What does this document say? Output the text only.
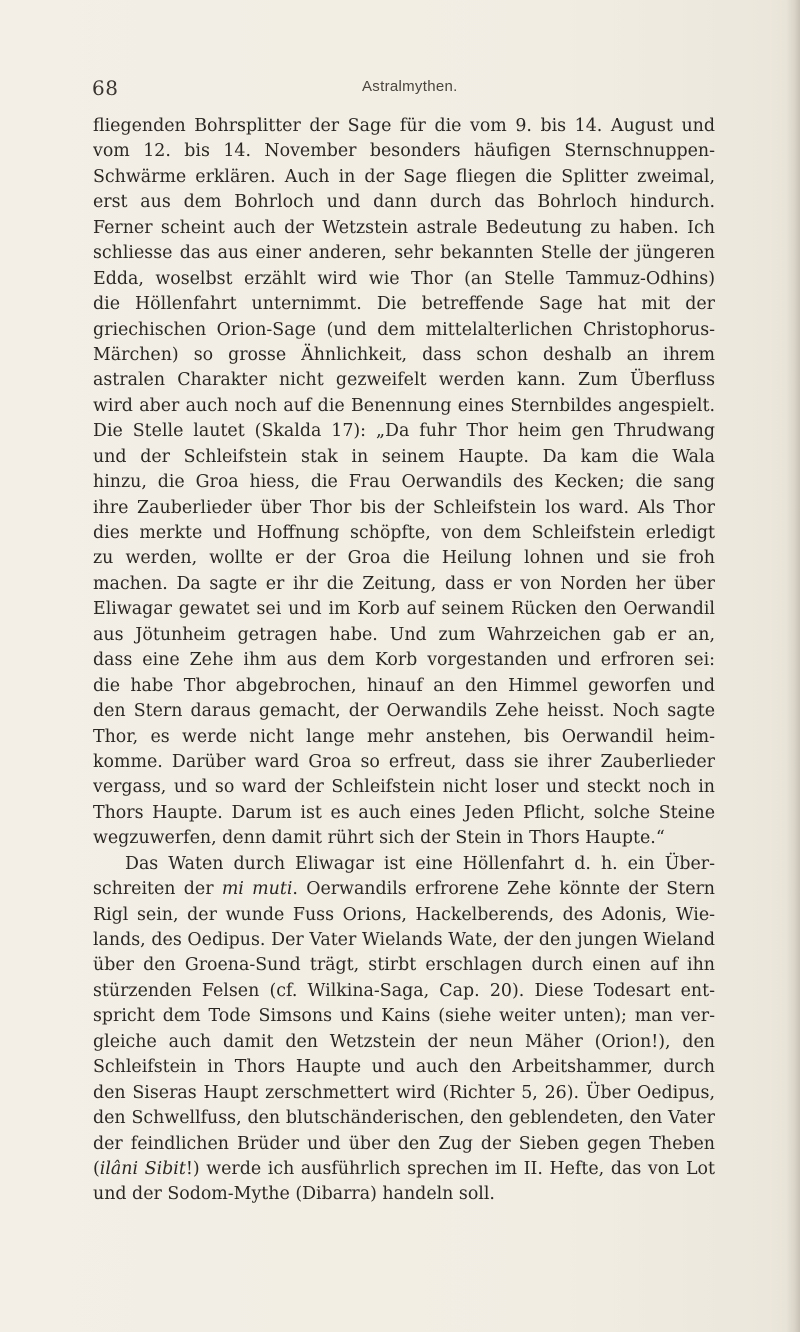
68	Astralmythen.
fliegenden Bohrsplitter der Sage für die vom 9. bis 14. August und
vom 12. bis 14. November besonders häufigen Sternschnuppen-
Schwärme erklären. Auch in der Sage fliegen die Splitter zweimal,
erst aus dem Bohrloch und dann durch das Bohrloch hindurch.
Ferner scheint auch der Wetzstein astrale Bedeutung zu haben. Ich
schliesse das aus einer anderen, sehr bekannten Stelle der jüngeren
Edda, woselbst erzählt wird wie Thor (an Stelle Tammuz-Odhins)
die Höllenfahrt unternimmt. Die betreffende Sage hat mit der
griechischen Orion-Sage (und dem mittelalterlichen Christophorus-
Märchen) so grosse Ähnlichkeit, dass schon deshalb an ihrem
astralen Charakter nicht gezweifelt werden kann. Zum Überfluss
wird aber auch noch auf die Benennung eines Sternbildes angespielt.
Die Stelle lautet (Skalda 17): „Da fuhr Thor heim gen Thrudwang
und der Schleifstein stak in seinem Haupte. Da kam die Wala
hinzu, die Groa hiess, die Frau Oerwandils des Kecken; die sang
ihre Zauberlieder über Thor bis der Schleifstein los ward. Als Thor
dies merkte und Hoffnung schöpfte, von dem Schleifstein erledigt
zu werden, wollte er der Groa die Heilung lohnen und sie froh
machen. Da sagte er ihr die Zeitung, dass er von Norden her über
Eliwagar gewatet sei und im Korb auf seinem Rücken den Oerwandil
aus Jötunheim getragen habe. Und zum Wahrzeichen gab er an,
dass eine Zehe ihm aus dem Korb vorgestanden und erfroren sei:
die habe Thor abgebrochen, hinauf an den Himmel geworfen und
den Stern daraus gemacht, der Oerwandils Zehe heisst. Noch sagte
Thor, es werde nicht lange mehr anstehen, bis Oerwandil heim-
komme. Darüber ward Groa so erfreut, dass sie ihrer Zauberlieder
vergass, und so ward der Schleifstein nicht loser und steckt noch in
Thors Haupte. Darum ist es auch eines Jeden Pflicht, solche Steine
wegzuwerfen, denn damit rührt sich der Stein in Thors Haupte.“
Das Waten durch Eliwagar ist eine Höllenfahrt d. h. ein Über-
schreiten der mi muti. Oerwandils erfrorene Zehe könnte der Stern
Rigl sein, der wunde Fuss Orions, Hackelberends, des Adonis, Wie-
lands, des Oedipus. Der Vater Wielands Wate, der den jungen Wieland
über den Groena-Sund trägt, stirbt erschlagen durch einen auf ihn
stürzenden Felsen (cf. Wilkina-Saga, Cap. 20). Diese Todesart ent-
spricht dem Tode Simsons und Kains (siehe weiter unten); man ver-
gleiche auch damit den Wetzstein der neun Mäher (Orion!), den
Schleifstein in Thors Haupte und auch den Arbeitshammer, durch
den Siseras Haupt zerschmettert wird (Richter 5, 26). Über Oedipus,
den Schwellfuss, den blutschänderischen, den geblendeten, den Vater
der feindlichen Brüder und über den Zug der Sieben gegen Theben
(ilâni Sibit!) werde ich ausführlich sprechen im II. Hefte, das von Lot
und der Sodom-Mythe (Dibarra) handeln soll.
